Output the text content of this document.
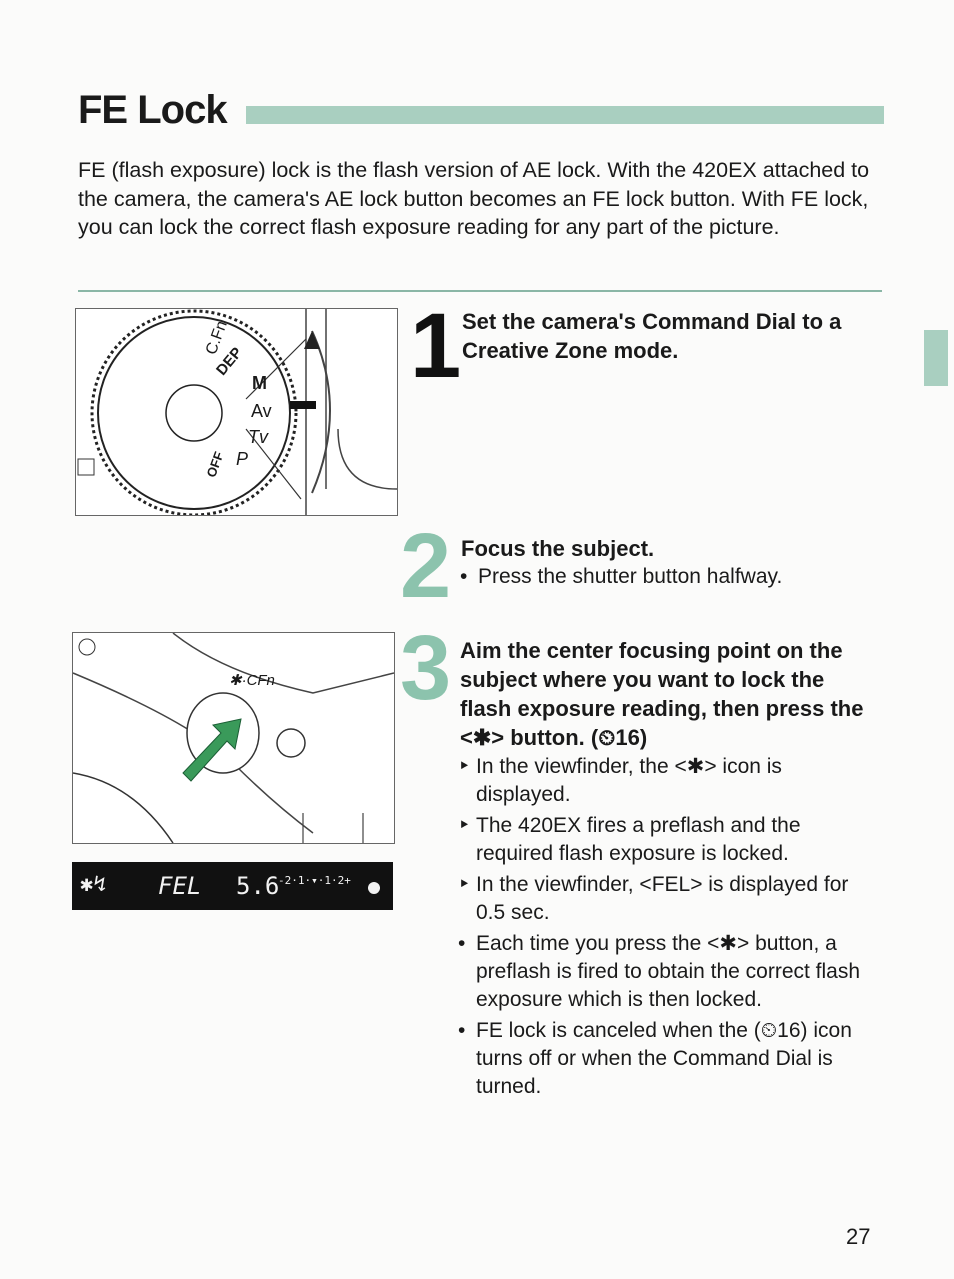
FE Lock
FE (flash exposure) lock is the flash version of AE lock. With the 420EX attached to the camera, the camera's AE lock button becomes an FE lock button. With FE lock, you can lock the correct flash exposure reading for any part of the picture.
C.Fn
DEP
M
Av
Tv
P
OFF
✱·CFn
✱↯ FEL 5.6
-2·1·▾·1·2+
1 Set the camera's Command Dial to a Creative Zone mode.
2 Focus the subject.
• Press the shutter button halfway.
3 Aim the center focusing point on the subject where you want to lock the flash exposure reading, then press the <✱> button. (⏲16)
‣ In the viewfinder, the <✱> icon is displayed.
‣ The 420EX fires a preflash and the required flash exposure is locked.
‣ In the viewfinder, <FEL> is displayed for 0.5 sec.
• Each time you press the <✱> button, a preflash is fired to obtain the correct flash exposure which is then locked.
• FE lock is canceled when the (⏲16) icon turns off or when the Command Dial is turned.
27
